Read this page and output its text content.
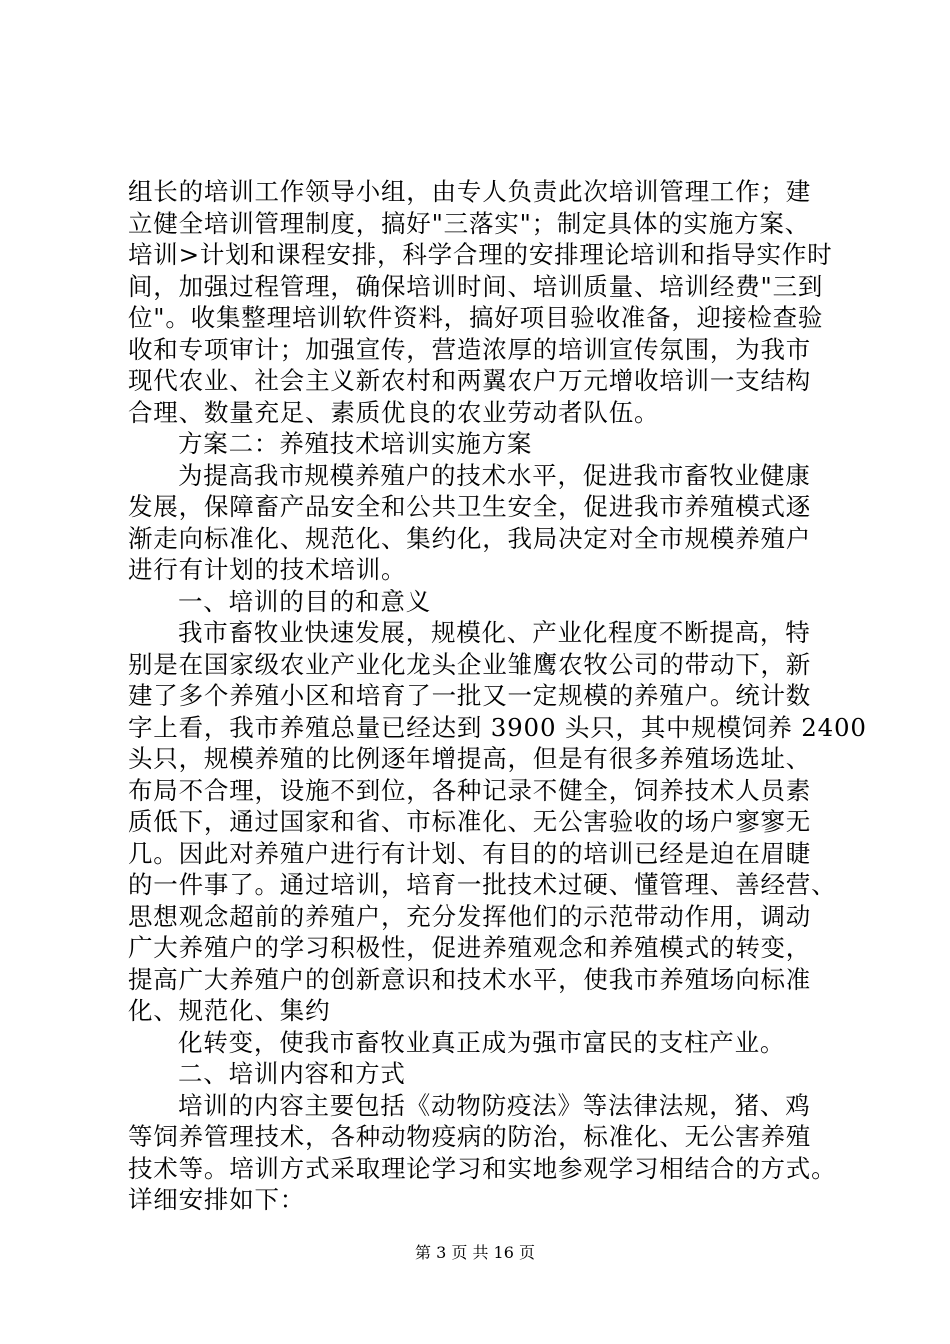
组长的培训工作领导小组，由专人负责此次培训管理工作；建
立健全培训管理制度，搞好"三落实"；制定具体的实施方案、
培训>计划和课程安排，科学合理的安排理论培训和指导实作时
间，加强过程管理，确保培训时间、培训质量、培训经费"三到
位"。收集整理培训软件资料，搞好项目验收准备，迎接检查验
收和专项审计；加强宣传，营造浓厚的培训宣传氛围，为我市
现代农业、社会主义新农村和两翼农户万元增收培训一支结构
合理、数量充足、素质优良的农业劳动者队伍。
方案二：养殖技术培训实施方案
为提高我市规模养殖户的技术水平，促进我市畜牧业健康
发展，保障畜产品安全和公共卫生安全，促进我市养殖模式逐
渐走向标准化、规范化、集约化，我局决定对全市规模养殖户
进行有计划的技术培训。
一、培训的目的和意义
我市畜牧业快速发展，规模化、产业化程度不断提高，特
别是在国家级农业产业化龙头企业雏鹰农牧公司的带动下，新
建了多个养殖小区和培育了一批又一定规模的养殖户。统计数
字上看，我市养殖总量已经达到 3900 头只，其中规模饲养 2400
头只，规模养殖的比例逐年增提高，但是有很多养殖场选址、
布局不合理，设施不到位，各种记录不健全，饲养技术人员素
质低下，通过国家和省、市标准化、无公害验收的场户寥寥无
几。因此对养殖户进行有计划、有目的的培训已经是迫在眉睫
的一件事了。通过培训，培育一批技术过硬、懂管理、善经营、
思想观念超前的养殖户，充分发挥他们的示范带动作用，调动
广大养殖户的学习积极性，促进养殖观念和养殖模式的转变，
提高广大养殖户的创新意识和技术水平，使我市养殖场向标准
化、规范化、集约
化转变，使我市畜牧业真正成为强市富民的支柱产业。
二、培训内容和方式
培训的内容主要包括《动物防疫法》等法律法规，猪、鸡
等饲养管理技术，各种动物疫病的防治，标准化、无公害养殖
技术等。培训方式采取理论学习和实地参观学习相结合的方式。
详细安排如下：
第 3 页 共 16 页
